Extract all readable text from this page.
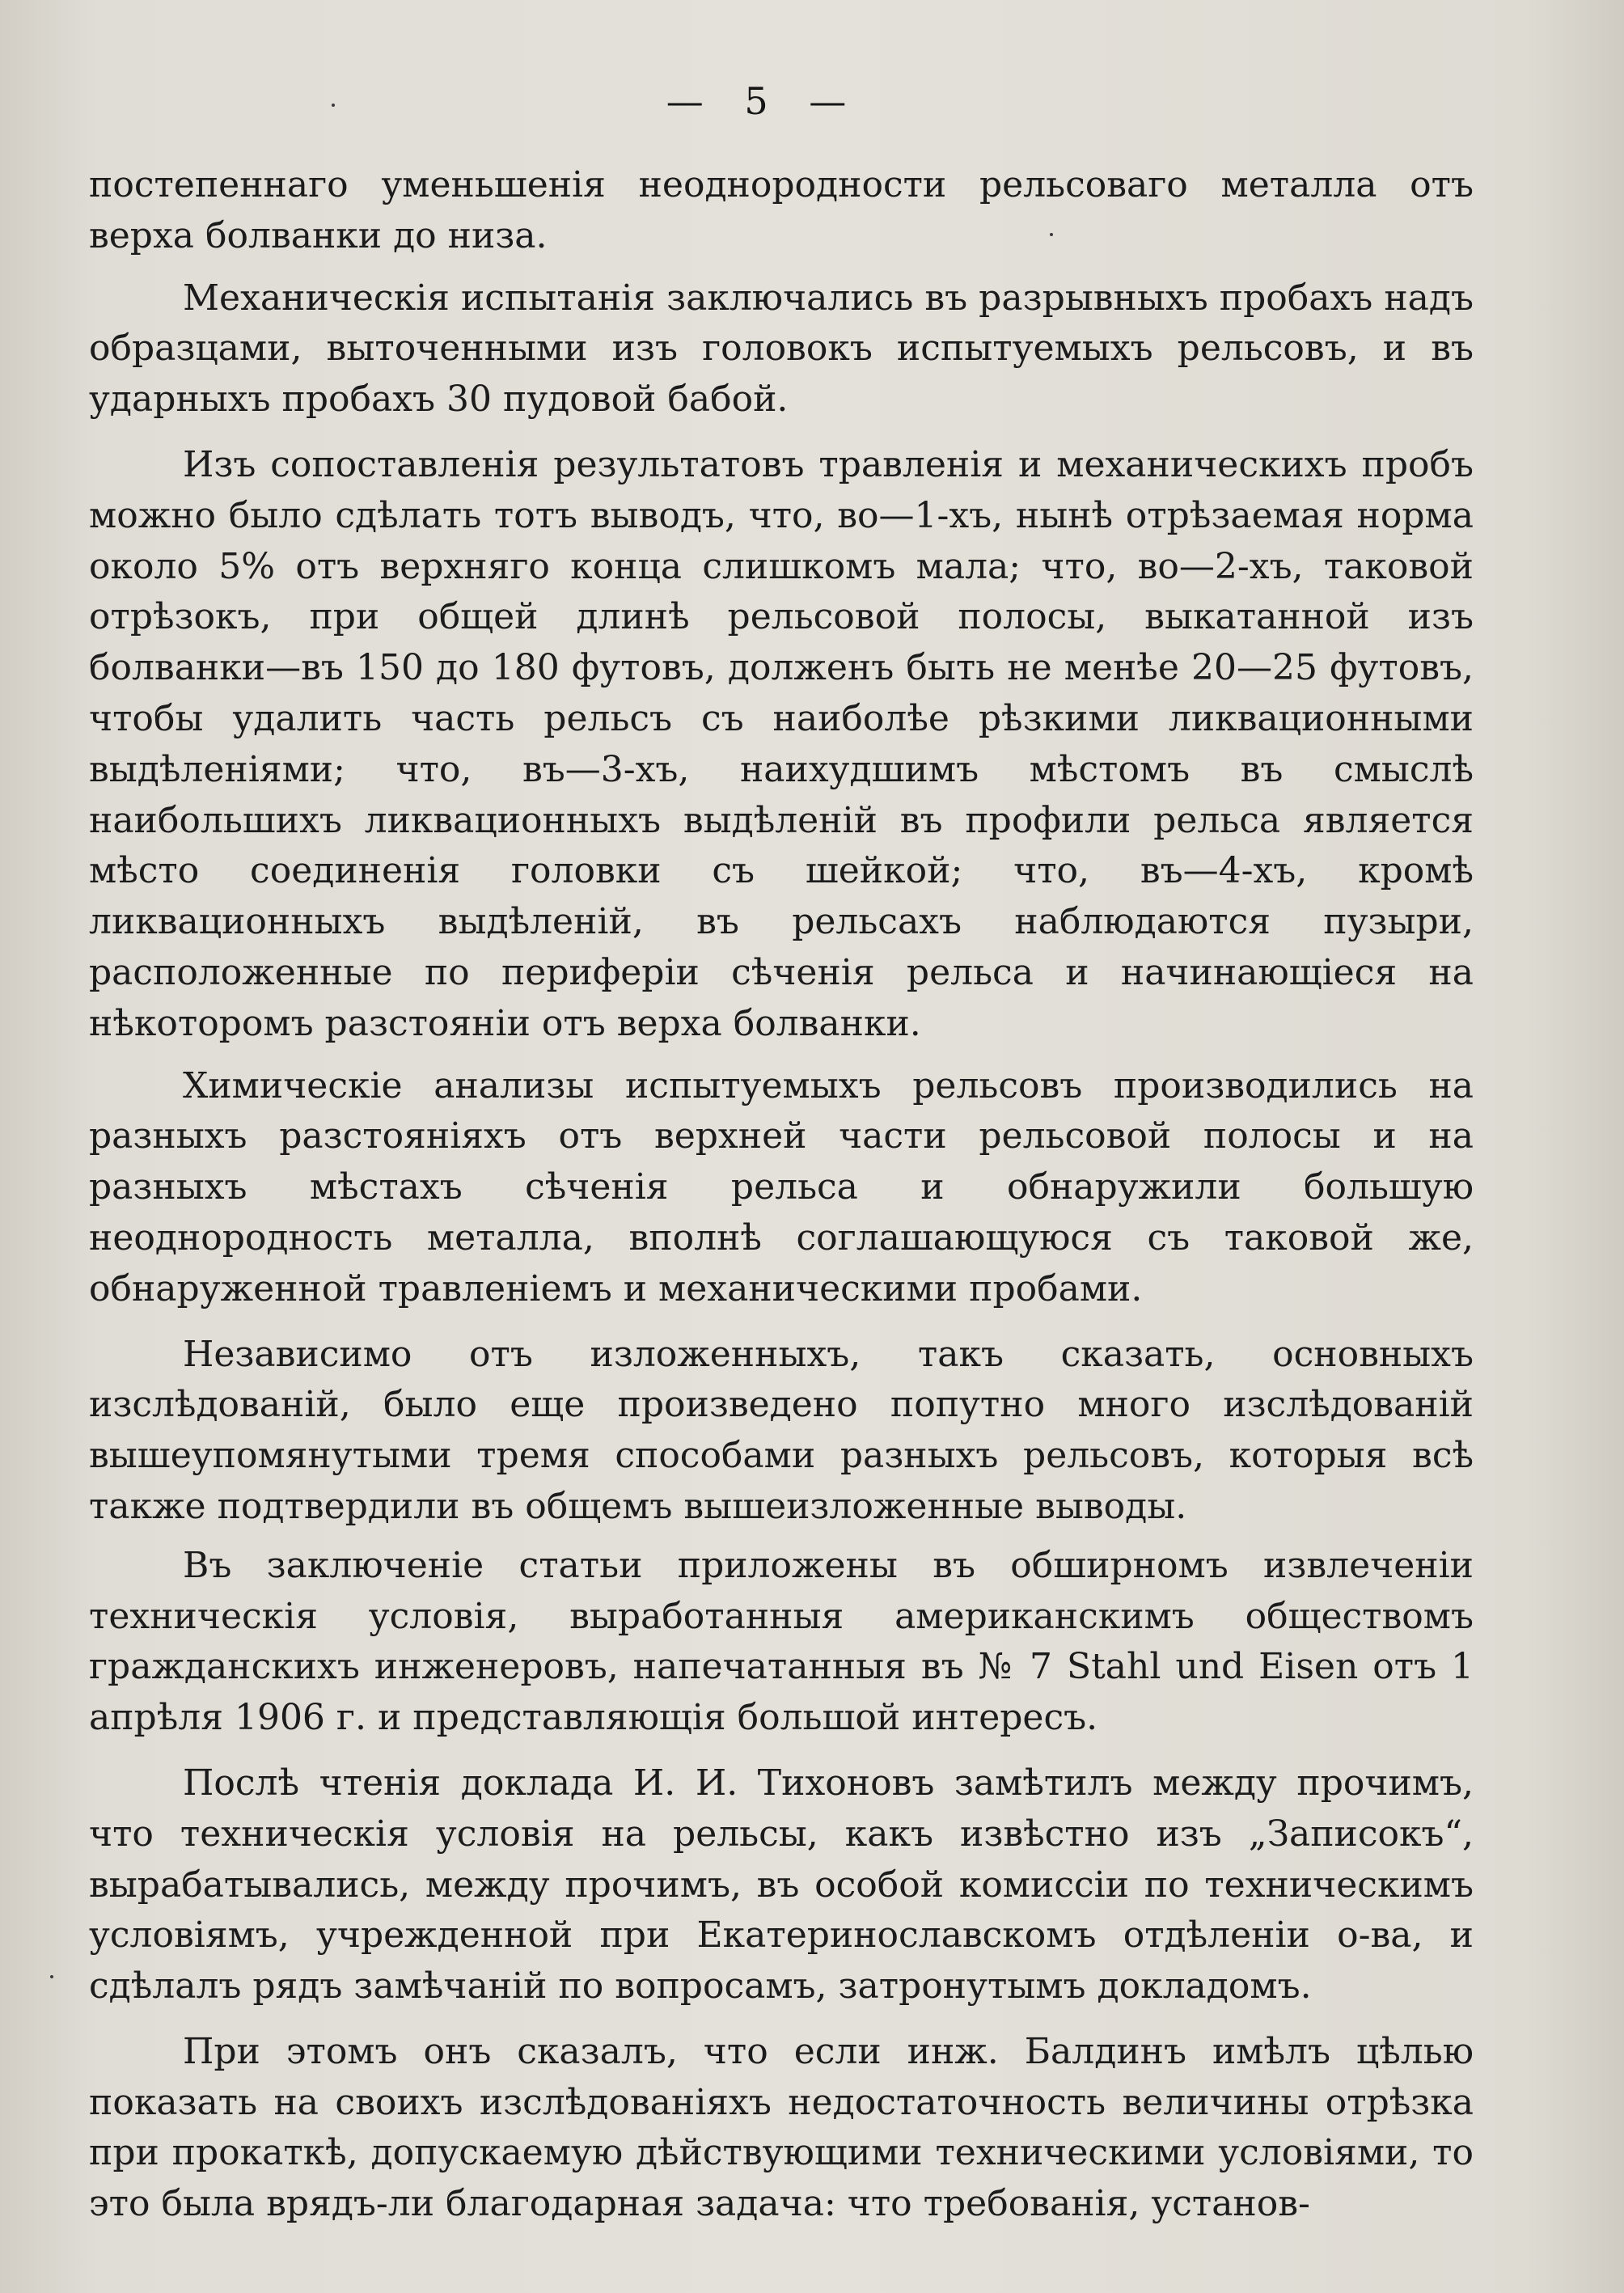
— 5 —

постепеннаго уменьшенія неоднородности рельсоваго металла отъ верха болванки до низа.

Механическія испытанія заключались въ разрывныхъ пробахъ надъ образцами, выточенными изъ головокъ испытуемыхъ рельсовъ, и въ ударныхъ пробахъ 30 пудовой бабой.

Изъ сопоставленія результатовъ травленія и механическихъ пробъ можно было сдѣлать тотъ выводъ, что, во—1-хъ, нынѣ отрѣзаемая норма около 5% отъ верхняго конца слишкомъ мала; что, во—2-хъ, таковой отрѣзокъ, при общей длинѣ рельсовой полосы, выкатанной изъ болванки—въ 150 до 180 футовъ, долженъ быть не менѣе 20—25 футовъ, чтобы удалить часть рельсъ съ наиболѣе рѣзкими ликвационными выдѣленіями; что, въ—3-хъ, наихудшимъ мѣстомъ въ смыслѣ наибольшихъ ликвационныхъ выдѣленій въ профили рельса является мѣсто соединенія головки съ шейкой; что, въ—4-хъ, кромѣ ликвационныхъ выдѣленій, въ рельсахъ наблюдаются пузыри, расположенные по периферіи сѣченія рельса и начинающіеся на нѣкоторомъ разстояніи отъ верха болванки.

Химическіе анализы испытуемыхъ рельсовъ производились на разныхъ разстояніяхъ отъ верхней части рельсовой полосы и на разныхъ мѣстахъ сѣченія рельса и обнаружили большую неоднородность металла, вполнѣ соглашающуюся съ таковой же, обнаруженной травленіемъ и механическими пробами.

Независимо отъ изложенныхъ, такъ сказать, основныхъ изслѣдованій, было еще произведено попутно много изслѣдованій вышеупомянутыми тремя способами разныхъ рельсовъ, которыя всѣ также подтвердили въ общемъ вышеизложенные выводы.

Въ заключеніе статьи приложены въ обширномъ извлеченіи техническія условія, выработанныя американскимъ обществомъ гражданскихъ инженеровъ, напечатанныя въ № 7 Stahl und Eisen отъ 1 апрѣля 1906 г. и представляющія большой интересъ.

Послѣ чтенія доклада И. И. Тихоновъ замѣтилъ между прочимъ, что техническія условія на рельсы, какъ извѣстно изъ „Записокъ“, вырабатывались, между прочимъ, въ особой комиссіи по техническимъ условіямъ, учрежденной при Екатеринославскомъ отдѣленіи о-ва, и сдѣлалъ рядъ замѣчаній по вопросамъ, затронутымъ докладомъ.

При этомъ онъ сказалъ, что если инж. Балдинъ имѣлъ цѣлью показать на своихъ изслѣдованіяхъ недостаточность величины отрѣзка при прокаткѣ, допускаемую дѣйствующими техническими условіями, то это была врядъ-ли благодарная задача: что требованія, установ-
